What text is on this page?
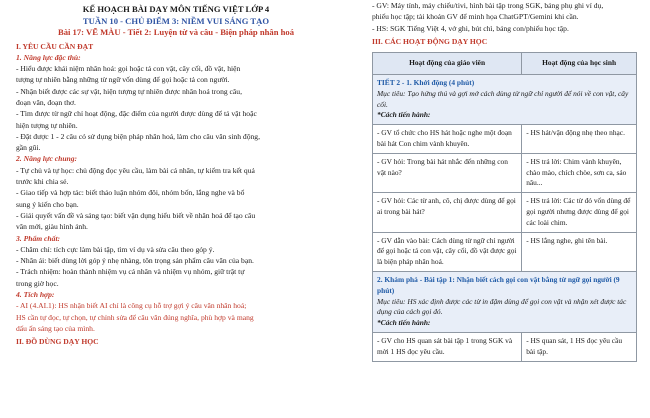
KẾ HOẠCH BÀI DẠY MÔN TIẾNG VIỆT LỚP 4
TUẦN 10 - CHỦ ĐIỂM 3: NIỀM VUI SÁNG TẠO
Bài 17: VẼ MÀU - Tiết 2: Luyện từ và câu - Biện pháp nhân hoá
I. YÊU CẦU CẦN ĐẠT
1. Năng lực đặc thù:
- Hiểu được khái niệm nhân hoá: gọi hoặc tả con vật, cây cối, đồ vật, hiện
tượng tự nhiên bằng những từ ngữ vốn dùng để gọi hoặc tả con người.
- Nhận biết được các sự vật, hiện tượng tự nhiên được nhân hoá trong câu,
đoạn văn, đoạn thơ.
- Tìm được từ ngữ chỉ hoạt động, đặc điểm của người được dùng để tả vật hoặc
hiện tượng tự nhiên.
- Đặt được 1 - 2 câu có sử dụng biện pháp nhân hoá, làm cho câu văn sinh động,
gần gũi.
2. Năng lực chung:
- Tự chủ và tự học: chủ động đọc yêu cầu, làm bài cá nhân, tự kiểm tra kết quả
trước khi chia sẻ.
- Giao tiếp và hợp tác: biết thảo luận nhóm đôi, nhóm bốn, lắng nghe và bổ
sung ý kiến cho bạn.
- Giải quyết vấn đề và sáng tạo: biết vận dụng hiểu biết về nhân hoá để tạo câu
văn mới, giàu hình ảnh.
3. Phẩm chất:
- Chăm chỉ: tích cực làm bài tập, tìm ví dụ và sửa câu theo góp ý.
- Nhân ái: biết dùng lời góp ý nhẹ nhàng, tôn trọng sản phẩm câu văn của bạn.
- Trách nhiệm: hoàn thành nhiệm vụ cá nhân và nhiệm vụ nhóm, giữ trật tự
trong giờ học.
4. Tích hợp:
- AI (4.AI.1): HS nhận biết AI chỉ là công cụ hỗ trợ gợi ý câu văn nhân hoá;
HS cần tự đọc, tự chọn, tự chỉnh sửa để câu văn đúng nghĩa, phù hợp và mang
dấu ấn sáng tạo của mình.
II. ĐỒ DÙNG DẠY HỌC
- GV: Máy tính, máy chiếu/tivi, hình bài tập trong SGK, bảng phụ ghi ví dụ,
phiếu học tập; tài khoản GV để minh họa ChatGPT/Gemini khi cần.
- HS: SGK Tiếng Việt 4, vở ghi, bút chì, bảng con/phiếu học tập.
III. CÁC HOẠT ĐỘNG DẠY HỌC
Hoạt động của giáo viên	Hoạt động của học sinh

TIẾT 2 - 1. Khởi động (4 phút)
Mục tiêu: Tạo hứng thú và gợi mở cách dùng từ ngữ chỉ người để nói về con vật, cây cối.
*Cách tiến hành:	

- GV tổ chức cho HS hát hoặc nghe một đoạn bài hát Con chim vành khuyên.	- HS hát/vận động nhẹ theo nhạc.
- GV hỏi: Trong bài hát nhắc đến những con vật nào?	- HS trả lời: Chim vành khuyên, chào mào, chích chòe, sơn ca, sáo nâu...
- GV hỏi: Các từ anh, cô, chị được dùng để gọi ai trong bài hát?	- HS trả lời: Các từ đó vốn dùng để gọi người nhưng được dùng để gọi các loài chim.
- GV dẫn vào bài: Cách dùng từ ngữ chỉ người để gọi hoặc tả con vật, cây cối, đồ vật được gọi là biện pháp nhân hoá.	- HS lắng nghe, ghi tên bài.

2. Khám phá - Bài tập 1: Nhận biết cách gọi con vật bằng từ ngữ gọi người (9 phút)
Mục tiêu: HS xác định được các từ in đậm dùng để gọi con vật và nhận xét được tác dụng của cách gọi đó.
*Cách tiến hành:	

- GV cho HS quan sát bài tập 1 trong SGK và mời 1 HS đọc yêu cầu.	- HS quan sát, 1 HS đọc yêu cầu bài tập.
